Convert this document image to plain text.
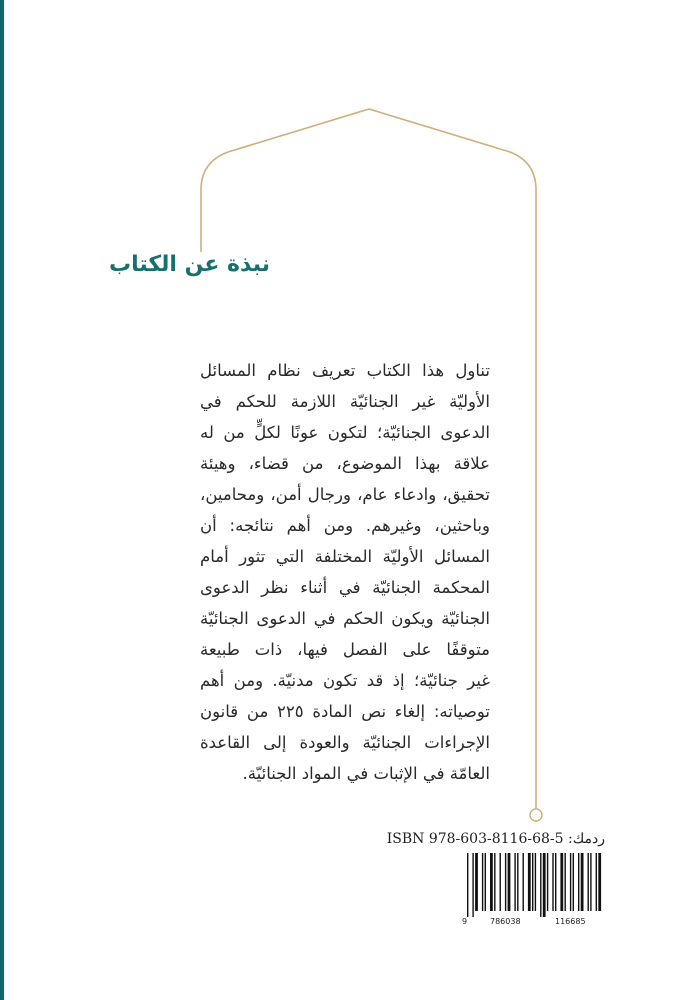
نبذة عن الكتاب
تناول هذا الكتاب تعريف نظام المسائل
الأوليّة غير الجنائيّة اللازمة للحكم في
الدعوى الجنائيّة؛ لتكون عونًا لكلٍّ من له
علاقة بهذا الموضوع، من قضاء، وهيئة
تحقيق، وادعاء عام، ورجال أمن، ومحامين،
وباحثين، وغيرهم. ومن أهم نتائجه: أن
المسائل الأوليّة المختلفة التي تثور أمام
المحكمة الجنائيّة في أثناء نظر الدعوى
الجنائيّة ويكون الحكم في الدعوى الجنائيّة
متوقفًا على الفصل فيها، ذات طبيعة
غير جنائيّة؛ إذ قد تكون مدنيّة. ومن أهم
توصياته: إلغاء نص المادة ٢٢٥ من قانون
الإجراءات الجنائيّة والعودة إلى القاعدة
العامّة في الإثبات في المواد الجنائيّة.
ISBN 978-603-8116-68-5 :ردمك
9	786038	116685
